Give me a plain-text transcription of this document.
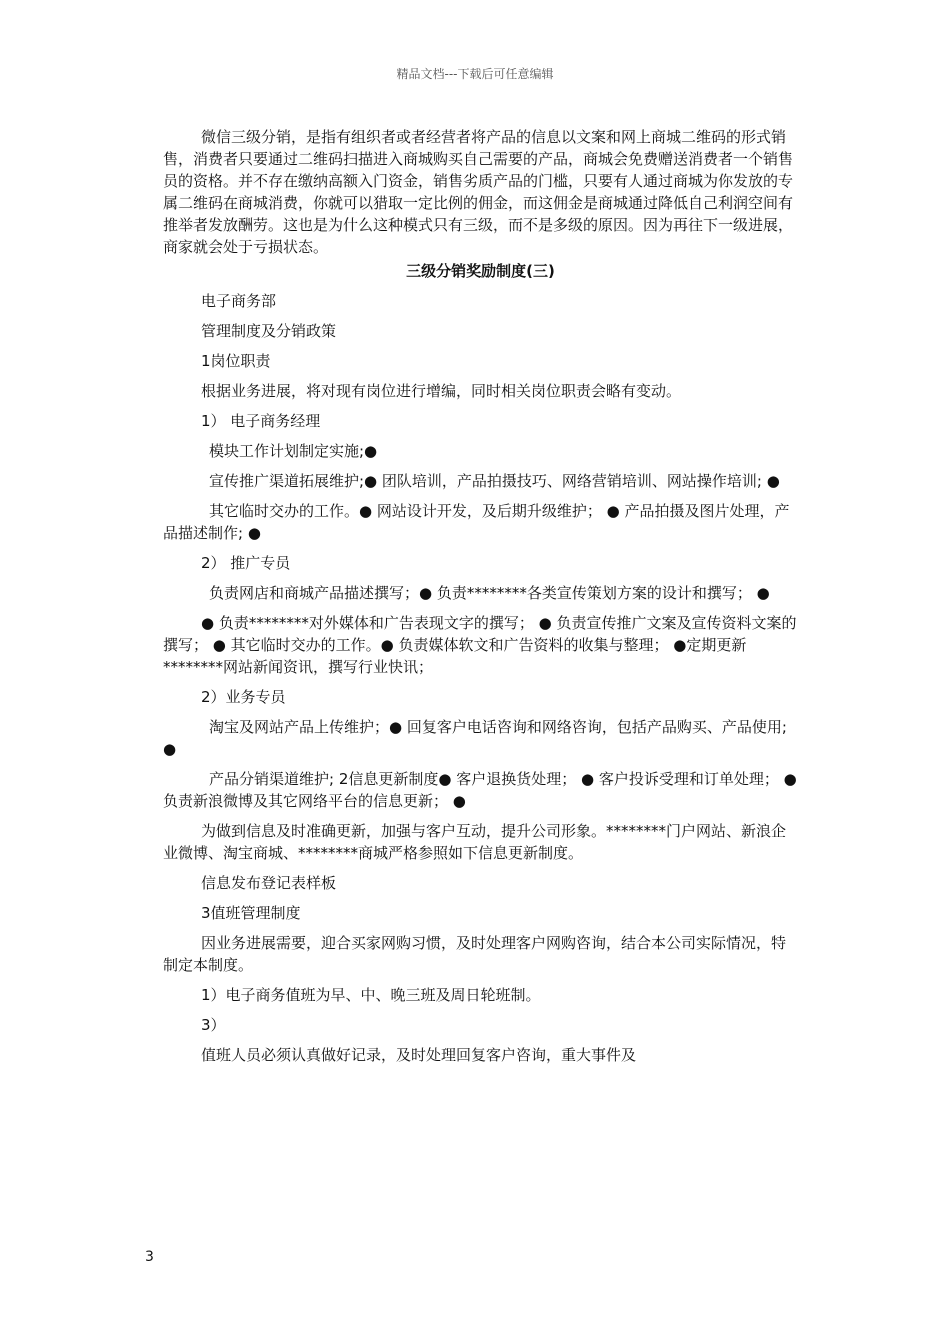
精品文档---下载后可任意编辑

微信三级分销，是指有组织者或者经营者将产品的信息以文案和网上商城二维码的形式销售，消费者只要通过二维码扫描进入商城购买自己需要的产品，商城会免费赠送消费者一个销售员的资格。并不存在缴纳高额入门资金，销售劣质产品的门槛，只要有人通过商城为你发放的专属二维码在商城消费，你就可以猎取一定比例的佣金，而这佣金是商城通过降低自己利润空间有推举者发放酬劳。这也是为什么这种模式只有三级，而不是多级的原因。因为再往下一级进展，商家就会处于亏损状态。

三级分销奖励制度(三)

电子商务部

管理制度及分销政策

1岗位职责

根据业务进展，将对现有岗位进行增编，同时相关岗位职责会略有变动。

1） 电子商务经理

模块工作计划制定实施;●

宣传推广渠道拓展维护;● 团队培训，产品拍摄技巧、网络营销培训、网站操作培训; ●

其它临时交办的工作。● 网站设计开发，及后期升级维护； ● 产品拍摄及图片处理，产品描述制作; ●

2） 推广专员

负责网店和商城产品描述撰写；● 负责********各类宣传策划方案的设计和撰写； ●

● 负责********对外媒体和广告表现文字的撰写； ● 负责宣传推广文案及宣传资料文案的撰写； ● 其它临时交办的工作。● 负责媒体软文和广告资料的收集与整理； ●定期更新********网站新闻资讯，撰写行业快讯；

2）业务专员

淘宝及网站产品上传维护；● 回复客户电话咨询和网络咨询，包括产品购买、产品使用; ●

产品分销渠道维护; 2信息更新制度● 客户退换货处理； ● 客户投诉受理和订单处理； ● 负责新浪微博及其它网络平台的信息更新； ●

为做到信息及时准确更新，加强与客户互动，提升公司形象。********门户网站、新浪企业微博、淘宝商城、********商城严格参照如下信息更新制度。

信息发布登记表样板

3值班管理制度

因业务进展需要，迎合买家网购习惯，及时处理客户网购咨询，结合本公司实际情况，特制定本制度。

1）电子商务值班为早、中、晚三班及周日轮班制。

3）

值班人员必须认真做好记录，及时处理回复客户咨询，重大事件及

3
